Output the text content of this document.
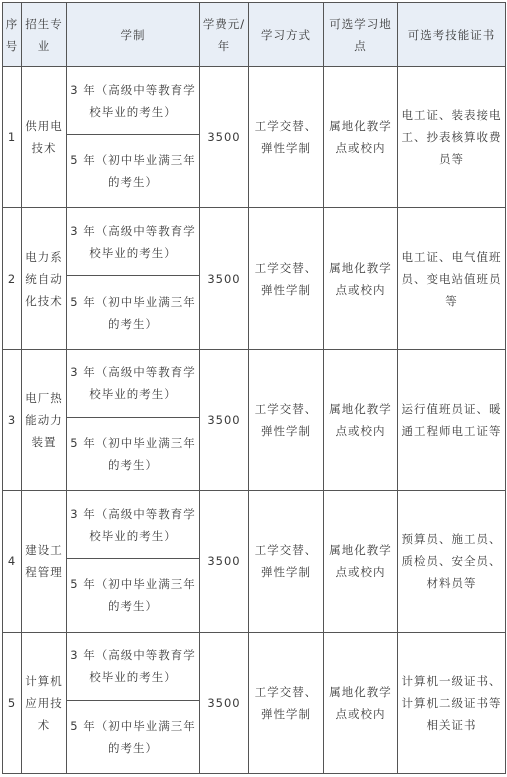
序号	招生专业	学制	学费元/年	学习方式	可选学习地点	可选考技能证书
1	供用电技术	3 年（高级中等教育学校毕业的考生）	3500	工学交替、弹性学制	属地化教学点或校内	电工证、装表接电工、抄表核算收费员等
		5 年（初中毕业满三年的考生）				
2	电力系统自动化技术	3 年（高级中等教育学校毕业的考生）	3500	工学交替、弹性学制	属地化教学点或校内	电工证、电气值班员、变电站值班员等
		5 年（初中毕业满三年的考生）				
3	电厂热能动力装置	3 年（高级中等教育学校毕业的考生）	3500	工学交替、弹性学制	属地化教学点或校内	运行值班员证、暖通工程师电工证等
		5 年（初中毕业满三年的考生）				
4	建设工程管理	3 年（高级中等教育学校毕业的考生）	3500	工学交替、弹性学制	属地化教学点或校内	预算员、施工员、质检员、安全员、材料员等
		5 年（初中毕业满三年的考生）				
5	计算机应用技术	3 年（高级中等教育学校毕业的考生）	3500	工学交替、弹性学制	属地化教学点或校内	计算机一级证书、计算机二级证书等相关证书
		5 年（初中毕业满三年的考生）				
